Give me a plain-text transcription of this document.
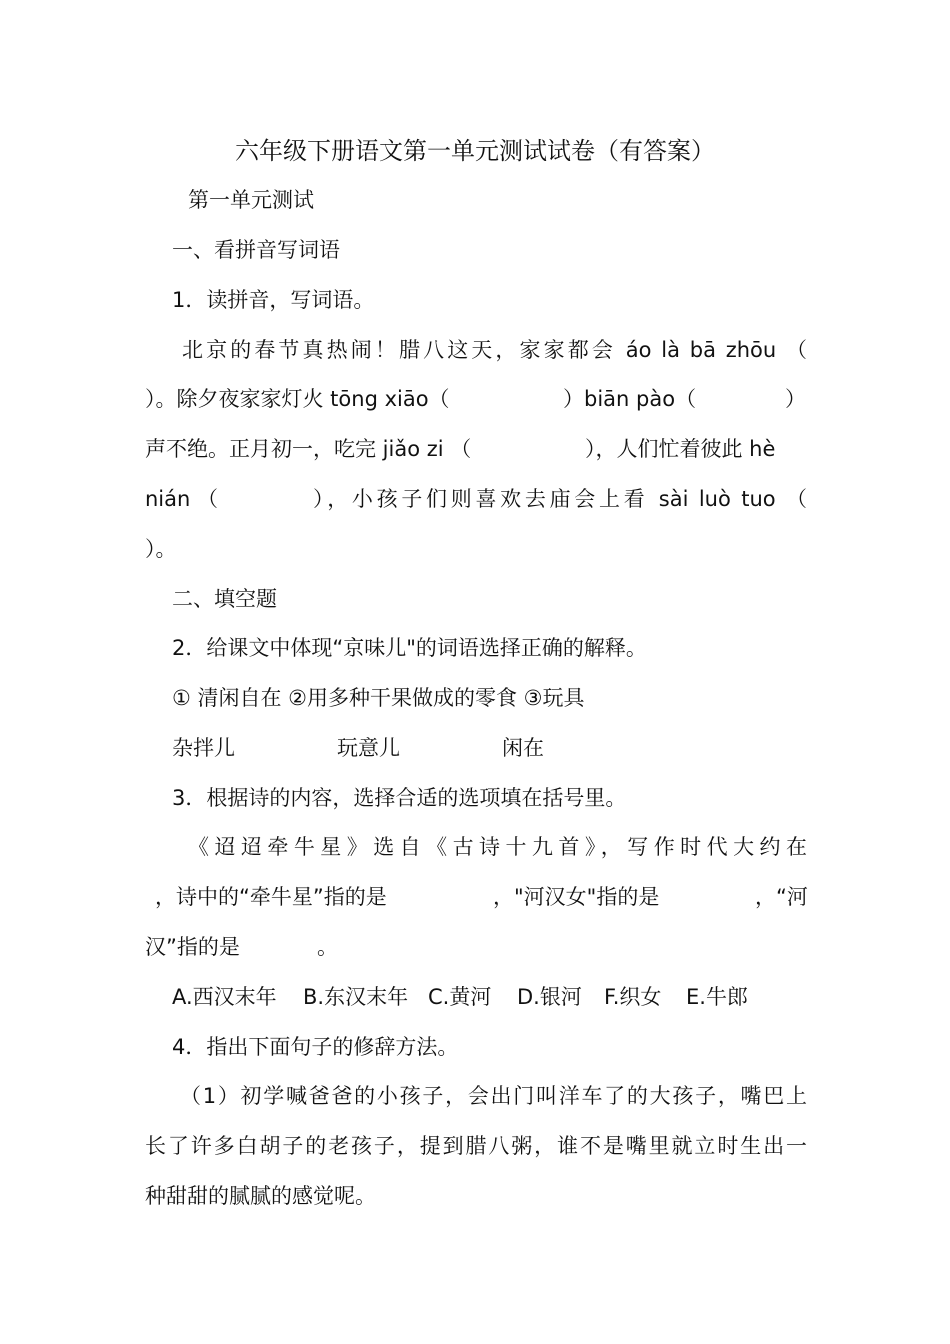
六年级下册语文第一单元测试试卷（有答案）
第一单元测试
一、看拼音写词语
1．读拼音，写词语。
北京的春节真热闹！腊八这天，家家都会 áo là bā zhōu （
）。除夕夜家家灯火 tōng xiāo（	）biān pào（	）
声不绝。正月初一，吃完 jiǎo zi （	），人们忙着彼此 hè
nián （	），小孩子们则喜欢去庙会上看 sài luò tuo （
）。
二、填空题
2．给课文中体现“京味儿"的词语选择正确的解释。
① 清闲自在 ②用多种干果做成的零食 ③玩具
杂拌儿	玩意儿	闲在
3．根据诗的内容，选择合适的选项填在括号里。
《迢迢牵牛星》选自《古诗十九首》，写作时代大约在
，诗中的“牵牛星”指的是	，"河汉女"指的是	，“河
汉”指的是	。
A.西汉末年 B.东汉末年 C.黄河 D.银河 F.织女 E.牛郎
4．指出下面句子的修辞方法。
（1）初学喊爸爸的小孩子，会出门叫洋车了的大孩子，嘴巴上
长了许多白胡子的老孩子，提到腊八粥，谁不是嘴里就立时生出一
种甜甜的腻腻的感觉呢。
